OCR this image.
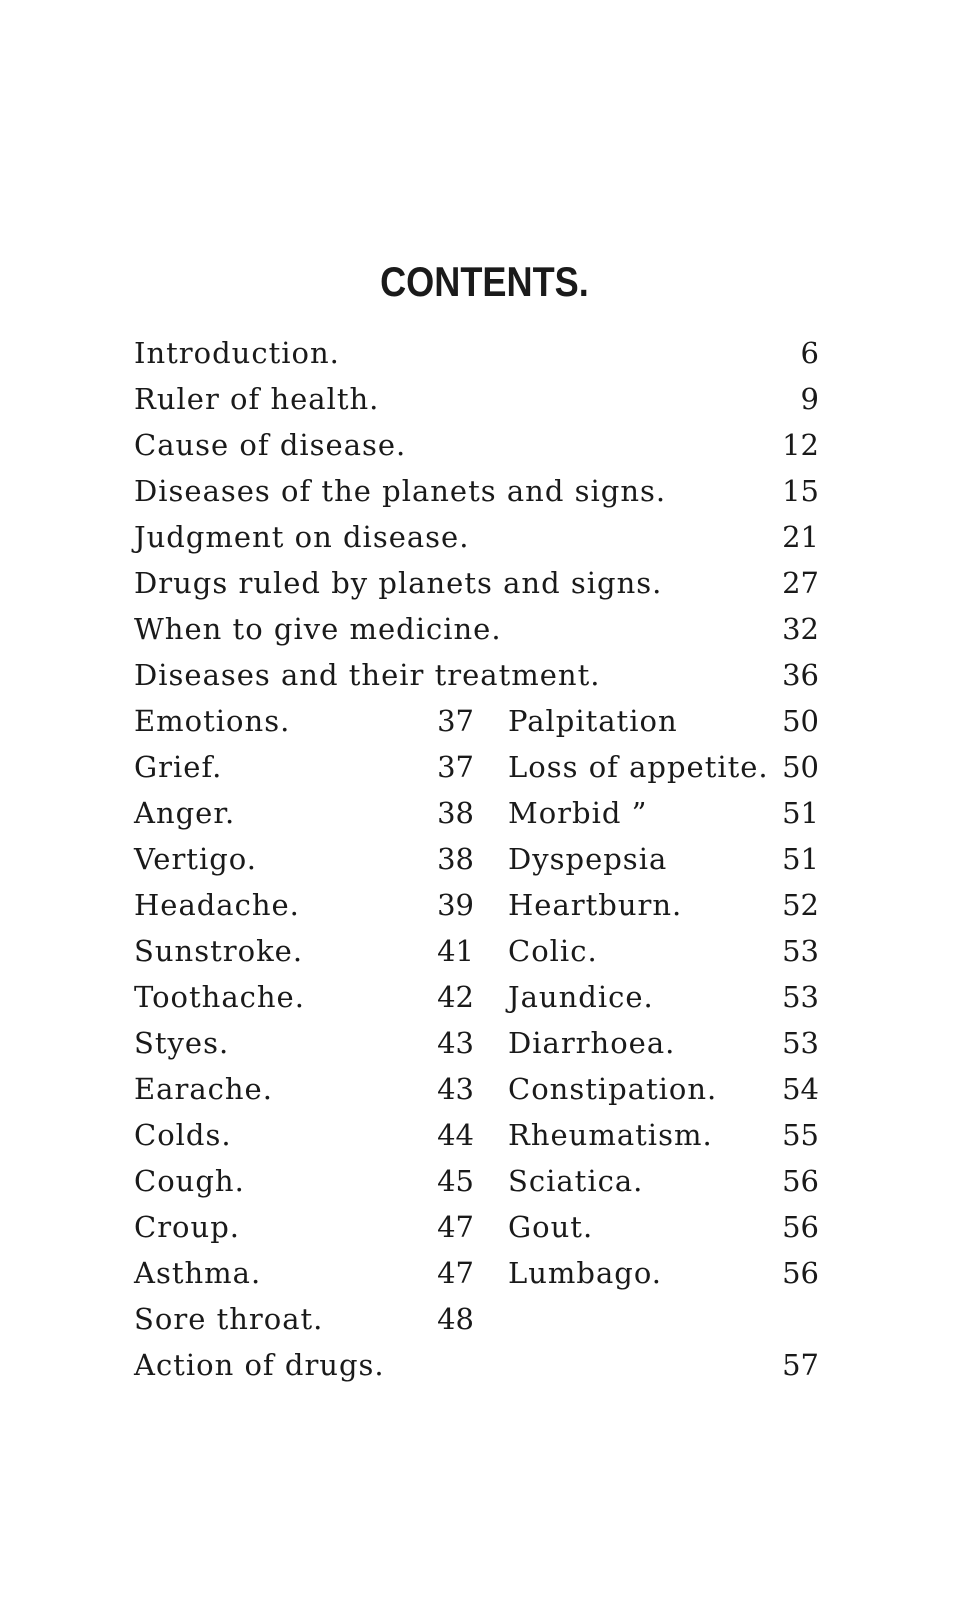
CONTENTS.
Introduction.	6
Ruler of health.	9
Cause of disease.	12
Diseases of the planets and signs.	15
Judgment on disease.	21
Drugs ruled by planets and signs.	27
When to give medicine.	32
Diseases and their treatment.	36
Emotions.	37 Palpitation	50
Grief.	37 Loss of appetite. 50
Anger.	38 Morbid ”	51
Vertigo.	38 Dyspepsia	51
Headache.	39 Heartburn.	52
Sunstroke.	41 Colic.	53
Toothache.	42 Jaundice.	53
Styes.	43 Diarrhoea.	53
Earache.	43 Constipation. 54
Colds.	44 Rheumatism. 55
Cough.	45 Sciatica.	56
Croup.	47 Gout.	56
Asthma.	47 Lumbago.	56
Sore throat.	48
Action of drugs.	57
